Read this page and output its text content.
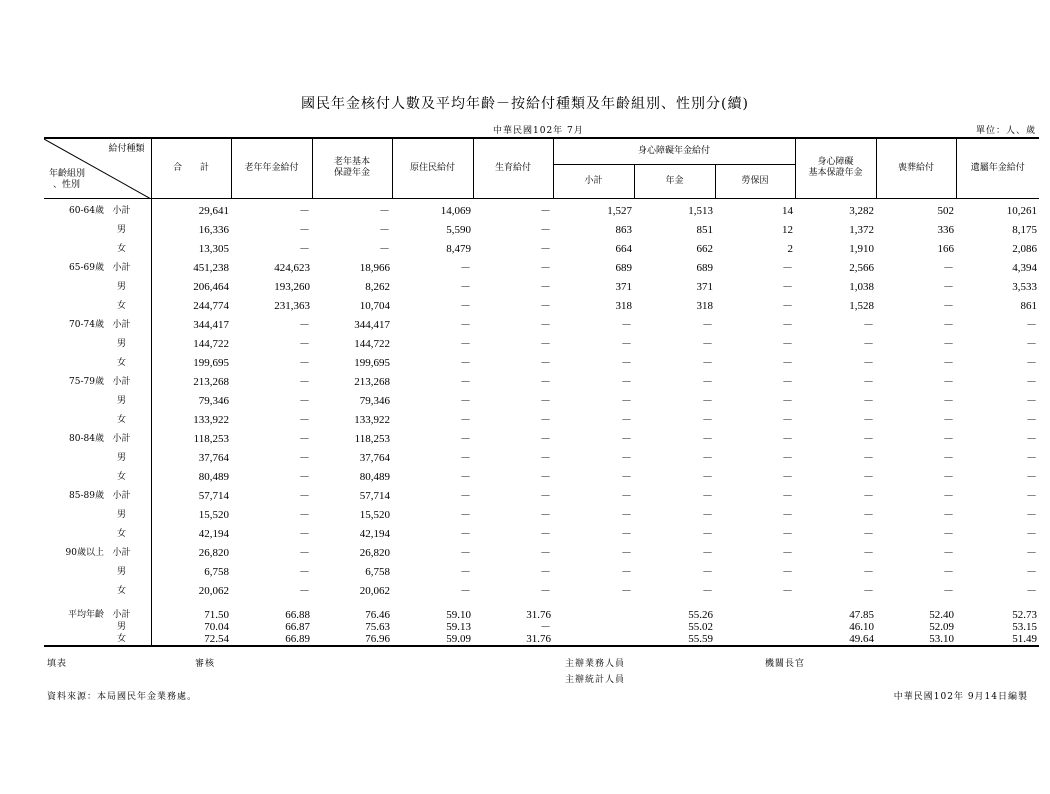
國民年金核付人數及平均年齡－按給付種類及年齡組別、性別分(續)
中華民國102年 7月	單位：人、歲
給付種類
年齡組別
、性別	合　　計	老年年金給付	老年基本
保證年金	原住民給付	生育給付	身心障礙年金給付			身心障礙
基本保證年金	喪葬給付	遺屬年金給付
						小計	年金	勞保因			
60-64歲 小計	29,641	－	－	14,069	－	1,527	1,513	14	3,282	502	10,261
男	16,336	－	－	5,590	－	863	851	12	1,372	336	8,175
女	13,305	－	－	8,479	－	664	662	2	1,910	166	2,086
65-69歲 小計	451,238	424,623	18,966	－	－	689	689	－	2,566	－	4,394
男	206,464	193,260	8,262	－	－	371	371	－	1,038	－	3,533
女	244,774	231,363	10,704	－	－	318	318	－	1,528	－	861
70-74歲 小計	344,417	－	344,417	－	－	－	－	－	－	－	－
男	144,722	－	144,722	－	－	－	－	－	－	－	－
女	199,695	－	199,695	－	－	－	－	－	－	－	－
75-79歲 小計	213,268	－	213,268	－	－	－	－	－	－	－	－
男	79,346	－	79,346	－	－	－	－	－	－	－	－
女	133,922	－	133,922	－	－	－	－	－	－	－	－
80-84歲 小計	118,253	－	118,253	－	－	－	－	－	－	－	－
男	37,764	－	37,764	－	－	－	－	－	－	－	－
女	80,489	－	80,489	－	－	－	－	－	－	－	－
85-89歲 小計	57,714	－	57,714	－	－	－	－	－	－	－	－
男	15,520	－	15,520	－	－	－	－	－	－	－	－
女	42,194	－	42,194	－	－	－	－	－	－	－	－
90歲以上 小計	26,820	－	26,820	－	－	－	－	－	－	－	－
男	6,758	－	6,758	－	－	－	－	－	－	－	－
女	20,062	－	20,062	－	－	－	－	－	－	－	－
平均年齡 小計	71.50	66.88	76.46	59.10	31.76		55.26		47.85	52.40	52.73
男	70.04	66.87	75.63	59.13	－		55.02		46.10	52.09	53.15
女	72.54	66.89	76.96	59.09	31.76		55.59		49.64	53.10	51.49
填表	審核	主辦業務人員
主辦統計人員
機關長官
資料來源：本局國民年金業務處。	中華民國102年 9月14日編製
